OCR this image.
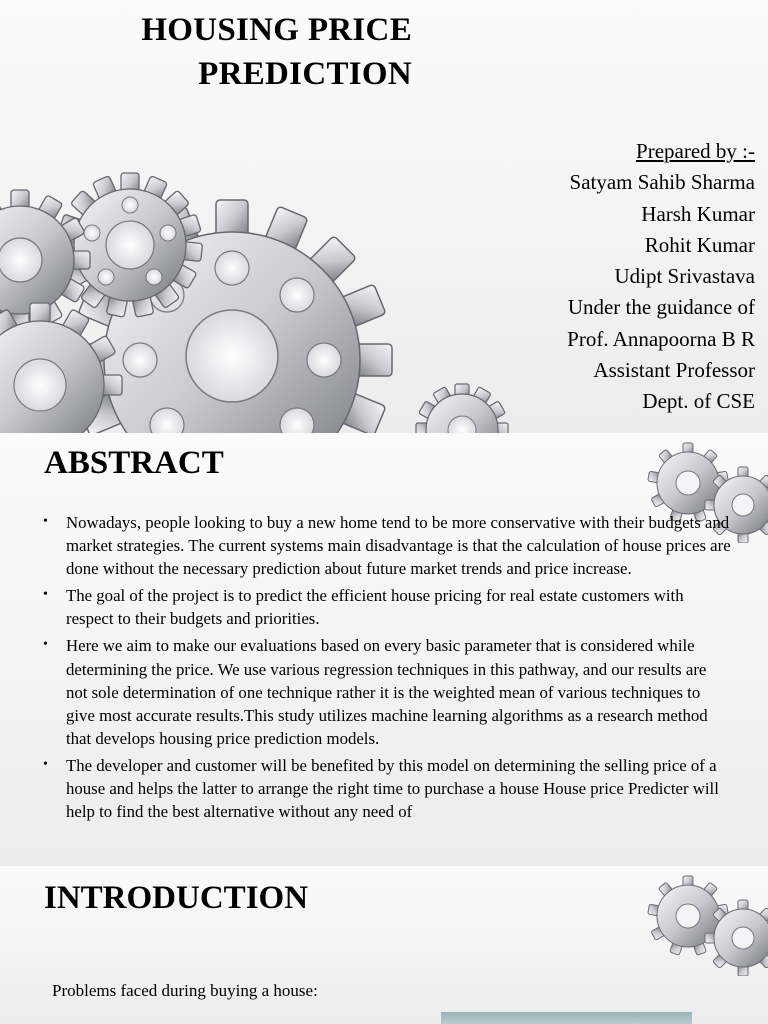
HOUSING PRICE
PREDICTION
Prepared by :-
Satyam Sahib Sharma
Harsh Kumar
Rohit Kumar
Udipt Srivastava
Under the guidance of
Prof. Annapoorna B R
Assistant Professor
Dept. of CSE
ABSTRACT
• Nowadays, people looking to buy a new home tend to be more conservative with their budgets and market strategies. The current systems main disadvantage is that the calculation of house prices are done without the necessary prediction about future market trends and price increase.
• The goal of the project is to predict the efficient house pricing for real estate customers with respect to their budgets and priorities.
• Here we aim to make our evaluations based on every basic parameter that is considered while determining the price. We use various regression techniques in this pathway, and our results are not sole determination of one technique rather it is the weighted mean of various techniques to give most accurate results.This study utilizes machine learning algorithms as a research method that develops housing price prediction models.
• The developer and customer will be benefited by this model on determining the selling price of a house and helps the latter to arrange the right time to purchase a house House price Predicter will help to find the best alternative without any need of
INTRODUCTION
Problems faced during buying a house:
